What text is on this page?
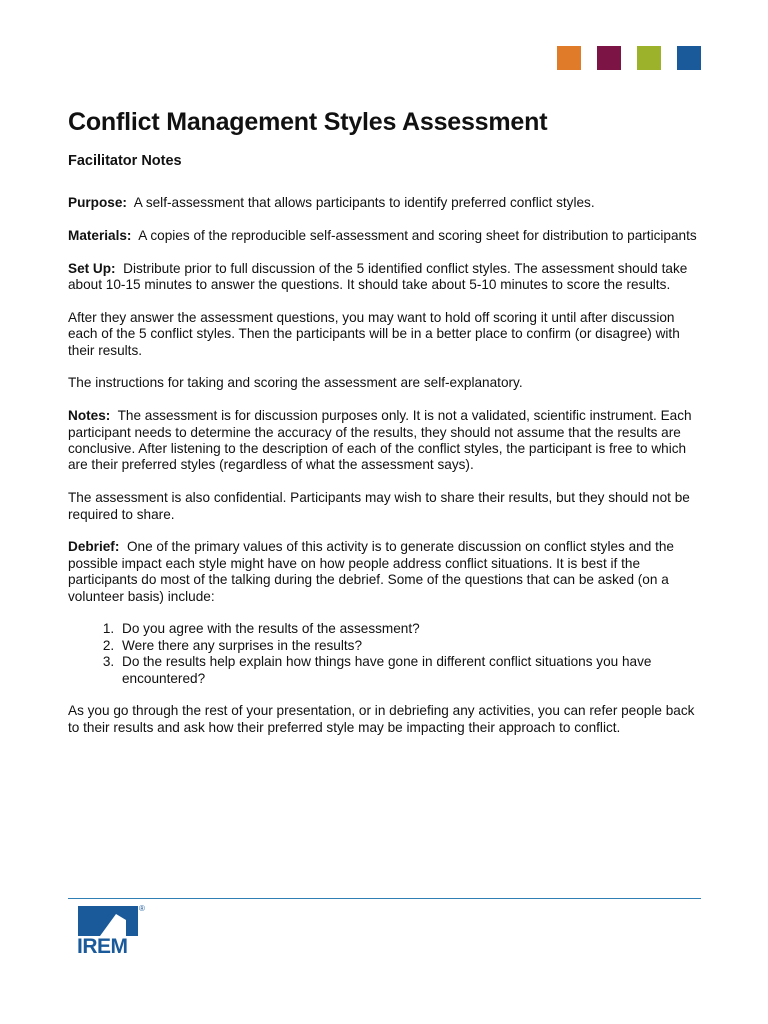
Conflict Management Styles Assessment
Facilitator Notes

Purpose: A self-assessment that allows participants to identify preferred conflict styles.

Materials: A copies of the reproducible self-assessment and scoring sheet for distribution to participants

Set Up: Distribute prior to full discussion of the 5 identified conflict styles. The assessment should take about 10-15 minutes to answer the questions. It should take about 5-10 minutes to score the results.

After they answer the assessment questions, you may want to hold off scoring it until after discussion each of the 5 conflict styles. Then the participants will be in a better place to confirm (or disagree) with their results.

The instructions for taking and scoring the assessment are self-explanatory.

Notes: The assessment is for discussion purposes only. It is not a validated, scientific instrument. Each participant needs to determine the accuracy of the results, they should not assume that the results are conclusive. After listening to the description of each of the conflict styles, the participant is free to which are their preferred styles (regardless of what the assessment says).

The assessment is also confidential. Participants may wish to share their results, but they should not be required to share.

Debrief: One of the primary values of this activity is to generate discussion on conflict styles and the possible impact each style might have on how people address conflict situations. It is best if the participants do most of the talking during the debrief. Some of the questions that can be asked (on a volunteer basis) include:

1. Do you agree with the results of the assessment?
2. Were there any surprises in the results?
3. Do the results help explain how things have gone in different conflict situations you have encountered?

As you go through the rest of your presentation, or in debriefing any activities, you can refer people back to their results and ask how their preferred style may be impacting their approach to conflict.

IREM
®
